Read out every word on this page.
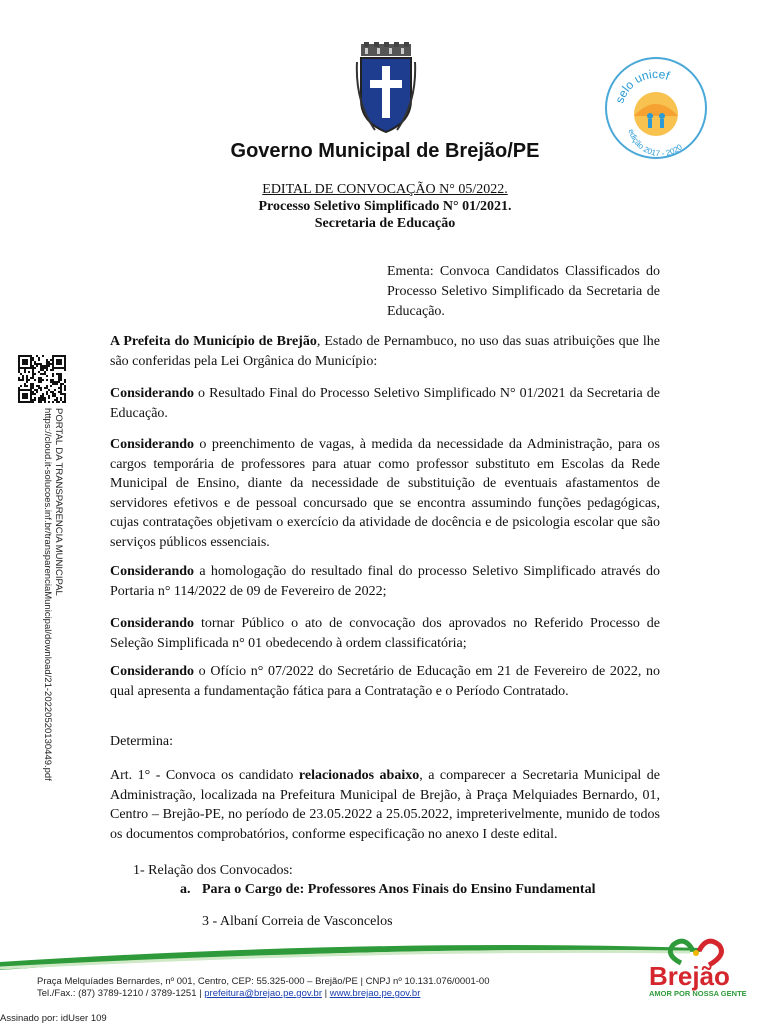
selo unicef
edição 2017 - 2020
Governo Municipal de Brejão/PE
EDITAL DE CONVOCAÇÃO N° 05/2022.
Processo Seletivo Simplificado N° 01/2021.
Secretaria de Educação
Ementa: Convoca Candidatos Classificados do Processo Seletivo Simplificado da Secretaria de Educação.
A Prefeita do Município de Brejão, Estado de Pernambuco, no uso das suas atribuições que lhe são conferidas pela Lei Orgânica do Município:
Considerando o Resultado Final do Processo Seletivo Simplificado N° 01/2021 da Secretaria de Educação.
Considerando o preenchimento de vagas, à medida da necessidade da Administração, para os cargos temporária de professores para atuar como professor substituto em Escolas da Rede Municipal de Ensino, diante da necessidade de substituição de eventuais afastamentos de servidores efetivos e de pessoal concursado que se encontra assumindo funções pedagógicas, cujas contratações objetivam o exercício da atividade de docência e de psicologia escolar que são serviços públicos essenciais.
Considerando a homologação do resultado final do processo Seletivo Simplificado através do Portaria n° 114/2022 de 09 de Fevereiro de 2022;
Considerando tornar Público o ato de convocação dos aprovados no Referido Processo de Seleção Simplificada n° 01 obedecendo à ordem classificatória;
Considerando o Ofício n° 07/2022 do Secretário de Educação em 21 de Fevereiro de 2022, no qual apresenta a fundamentação fática para a Contratação e o Período Contratado.
Determina:
Art. 1° - Convoca os candidato relacionados abaixo, a comparecer a Secretaria Municipal de Administração, localizada na Prefeitura Municipal de Brejão, à Praça Melquiades Bernardo, 01, Centro – Brejão-PE, no período de 23.05.2022 a 25.05.2022, impreterivelmente, munido de todos os documentos comprobatórios, conforme especificação no anexo I deste edital.
1- Relação dos Convocados:
a. Para o Cargo de: Professores Anos Finais do Ensino Fundamental
3 - Albaní Correia de Vasconcelos
PORTAL DA TRANSPARENCIA MUNICIPAL
https://cloud.it-solucoes.inf.br/transparenciaMunicipal/download/21-20220520130449.pdf
Praça Melquíades Bernardes, nº 001, Centro, CEP: 55.325-000 – Brejão/PE | CNPJ nº 10.131.076/0001-00
Tel./Fax.: (87) 3789-1210 / 3789-1251 | prefeitura@brejao.pe.gov.br | www.brejao.pe.gov.br
Brejão
AMOR POR NOSSA GENTE
Assinado por: idUser 109
